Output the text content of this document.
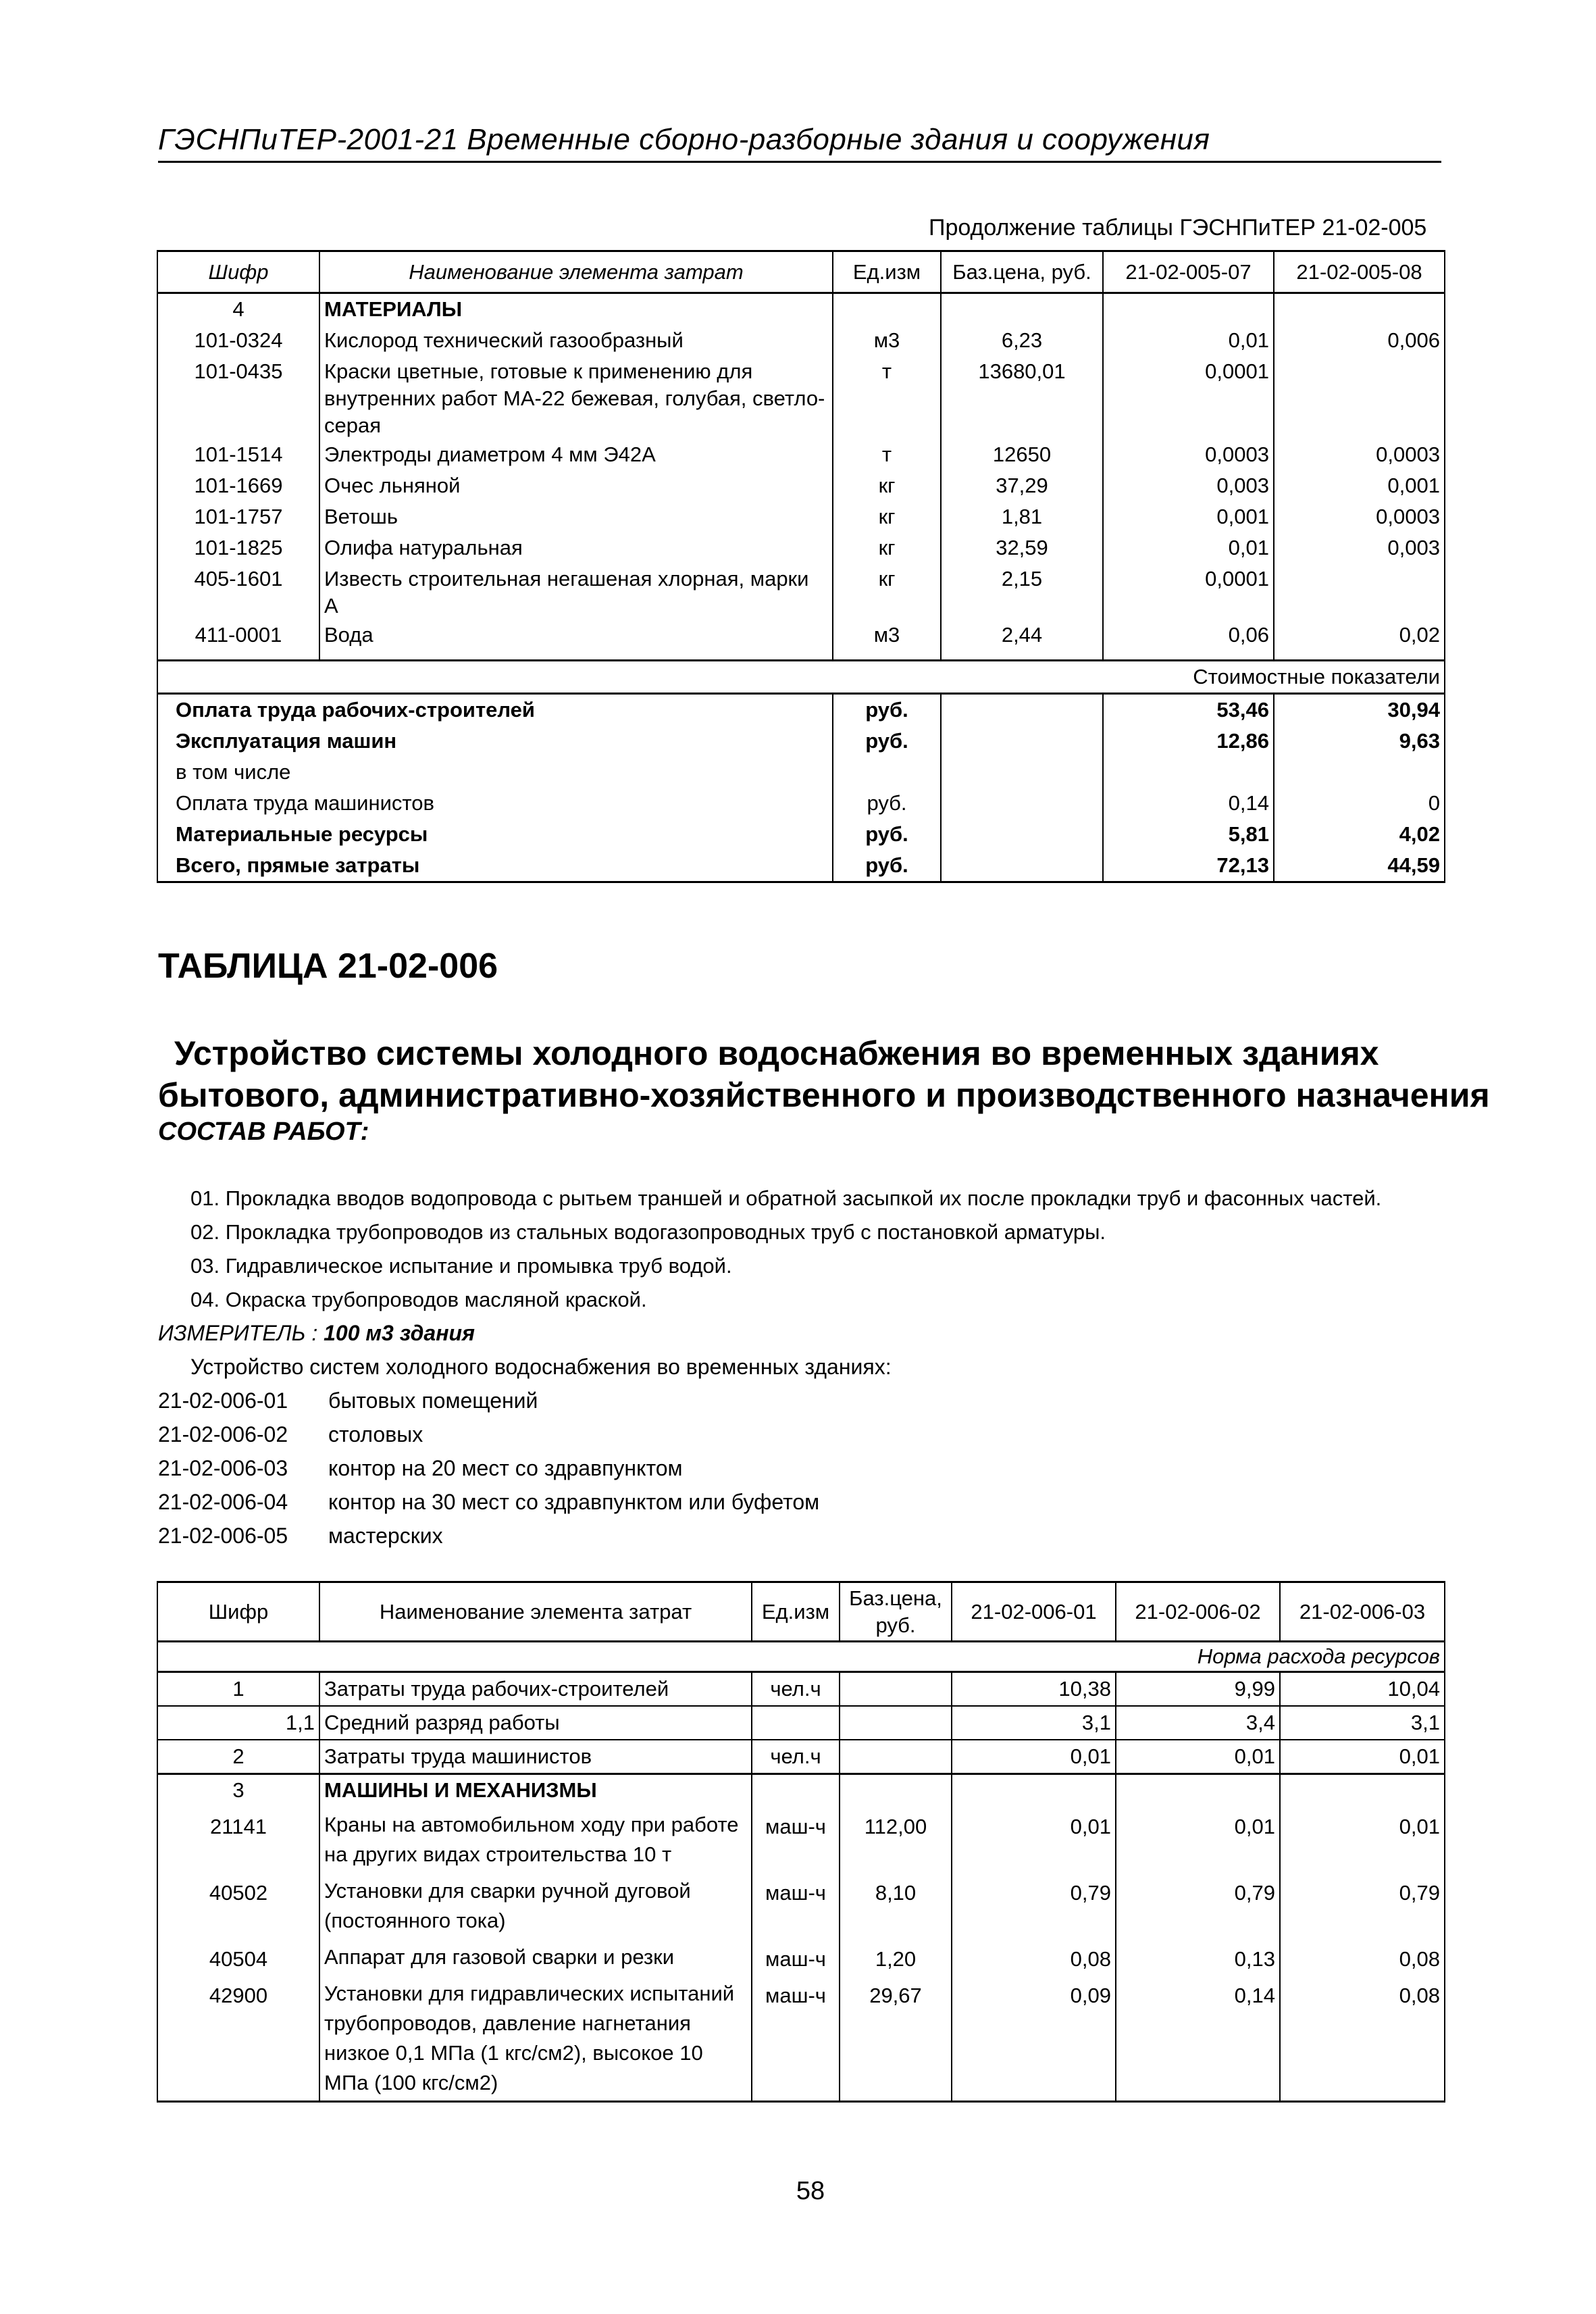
ГЭСНПиТЕР-2001-21 Временные сборно-разборные здания и сооружения
Продолжение таблицы ГЭСНПиТЕР 21-02-005
Шифр	Наименование элемента затрат	Ед.изм	Баз.цена, руб.	21-02-005-07	21-02-005-08
4	МАТЕРИАЛЫ				
101-0324	Кислород технический газообразный	м3	6,23	0,01	0,006
101-0435	Краски цветные, готовые к применению для внутренних работ МА-22 бежевая, голубая, светло-серая	т	13680,01	0,0001	
101-1514	Электроды диаметром 4 мм Э42А	т	12650	0,0003	0,0003
101-1669	Очес льняной	кг	37,29	0,003	0,001
101-1757	Ветошь	кг	1,81	0,001	0,0003
101-1825	Олифа натуральная	кг	32,59	0,01	0,003
405-1601	Известь строительная негашеная хлорная, марки А	кг	2,15	0,0001	
411-0001	Вода	м3	2,44	0,06	0,02
Стоимостные показатели					
Оплата труда рабочих-строителей		руб.		53,46	30,94
Эксплуатация машин		руб.		12,86	9,63
в том числе					
Оплата труда машинистов		руб.		0,14	0
Материальные ресурсы		руб.		5,81	4,02
Всего, прямые затраты		руб.		72,13	44,59
ТАБЛИЦА 21-02-006
Устройство системы холодного водоснабжения во временных зданиях
бытового, административно-хозяйственного и производственного назначения
СОСТАВ РАБОТ:
01. Прокладка вводов водопровода с рытьем траншей и обратной засыпкой их после прокладки труб и фасонных частей.
02. Прокладка трубопроводов из стальных водогазопроводных труб с постановкой арматуры.
03. Гидравлическое испытание и промывка труб водой.
04. Окраска трубопроводов масляной краской.
ИЗМЕРИТЕЛЬ : 100 м3 здания
Устройство систем холодного водоснабжения во временных зданиях:
21-02-006-01 бытовых помещений
21-02-006-02 столовых
21-02-006-03 контор на 20 мест со здравпунктом
21-02-006-04 контор на 30 мест со здравпунктом или буфетом
21-02-006-05 мастерских
Шифр	Наименование элемента затрат	Ед.изм	Баз.цена, руб.	21-02-006-01	21-02-006-02	21-02-006-03
Норма расхода ресурсов						
1	Затраты труда рабочих-строителей	чел.ч		10,38	9,99	10,04
1,1	Средний разряд работы			3,1	3,4	3,1
2	Затраты труда машинистов	чел.ч		0,01	0,01	0,01
3	МАШИНЫ И МЕХАНИЗМЫ					
21141	Краны на автомобильном ходу при работе на других видах строительства 10 т	маш-ч	112,00	0,01	0,01	0,01
40502	Установки для сварки ручной дуговой (постоянного тока)	маш-ч	8,10	0,79	0,79	0,79
40504	Аппарат для газовой сварки и резки	маш-ч	1,20	0,08	0,13	0,08
42900	Установки для гидравлических испытаний трубопроводов, давление нагнетания низкое 0,1 МПа (1 кгс/см2), высокое 10 МПа (100 кгс/см2)	маш-ч	29,67	0,09	0,14	0,08
58
